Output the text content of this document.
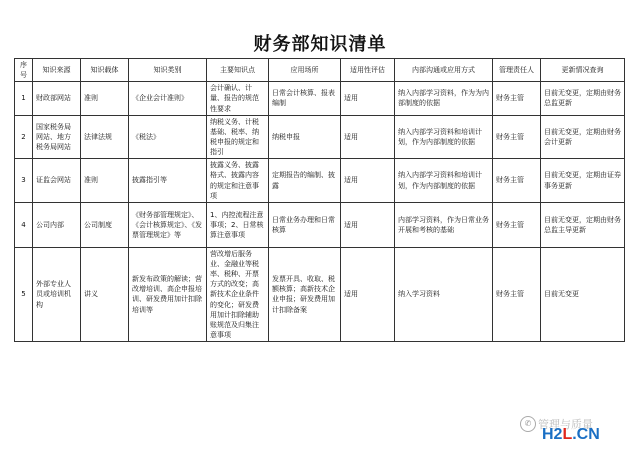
财务部知识清单
序号	知识来源	知识载体	知识类别	主要知识点	应用场所	适用性评估	内部沟通或应用方式	管理责任人	更新情况查询
1	财政部网站	准则	《企业会计准则》	会计确认、计量、报告的规范性要求	日常会计核算、报表编制	适用	纳入内部学习资料，作为为内部制度的依据	财务主管	目前无变更，定期由财务总监更新
2	国家税务局网站、地方税务局网站	法律法规	《税法》	纳税义务、计税基础、税率、纳税申报的规定和指引	纳税申报	适用	纳入内部学习资料和培训计划，作为内部制度的依据	财务主管	目前无变更，定期由财务会计更新
3	证监会网站	准则	披露指引等	披露义务、披露格式、披露内容的规定和注意事项	定期报告的编制、披露	适用	纳入内部学习资料和培训计划，作为内部制度的依据	财务主管	目前无变更，定期由证券事务更新
4	公司内部	公司制度	《财务部管理规定》、《会计核算规定》、《发票管理规定》等	1、内控流程注意事项；2、日常核算注意事项	日常业务办理和日常核算	适用	内部学习资料，作为日常业务开展和考核的基础	财务主管	目前无变更，定期由财务总监主导更新
5	外部专业人员或培训机构	讲义	新发布政策的解读；营改增培训、高企申报培训、研发费用加计扣除培训等	营改增后服务业、金融业等税率、税种、开票方式的改变；高新技术企业条件的变化；研发费用加计扣除辅助账规范及归集注意事项	发票开具、收取、税额核算；高新技术企业申报；研发费用加计扣除备案	适用	纳入学习资料	财务主管	目前无变更
✆ 管理与质量
H2L.CN
